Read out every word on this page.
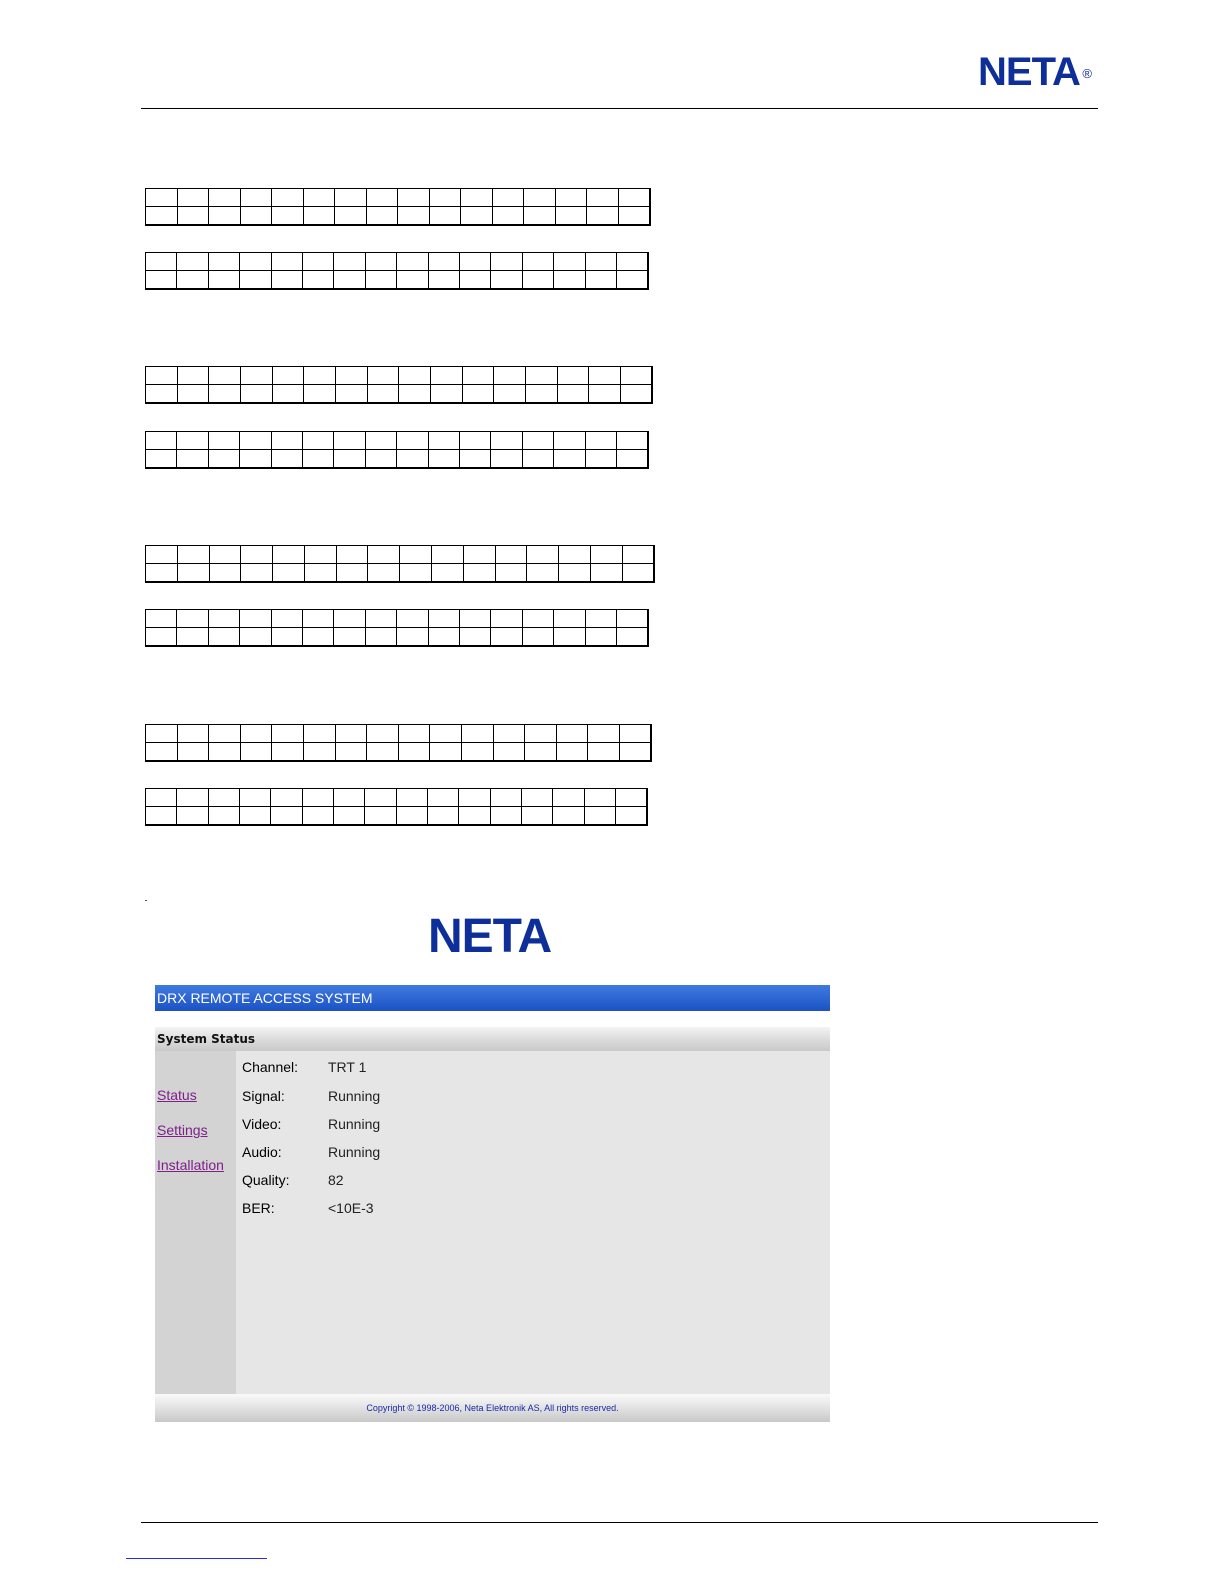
NETA ®

NETA
DRX REMOTE ACCESS SYSTEM
System Status
Status
Settings
Installation
Channel: TRT 1
Signal:	Running
Video:	Running
Audio:	Running
Quality:	82
BER:	<10E-3
Copyright © 1998-2006, Neta Elektronik AS, All rights reserved.
